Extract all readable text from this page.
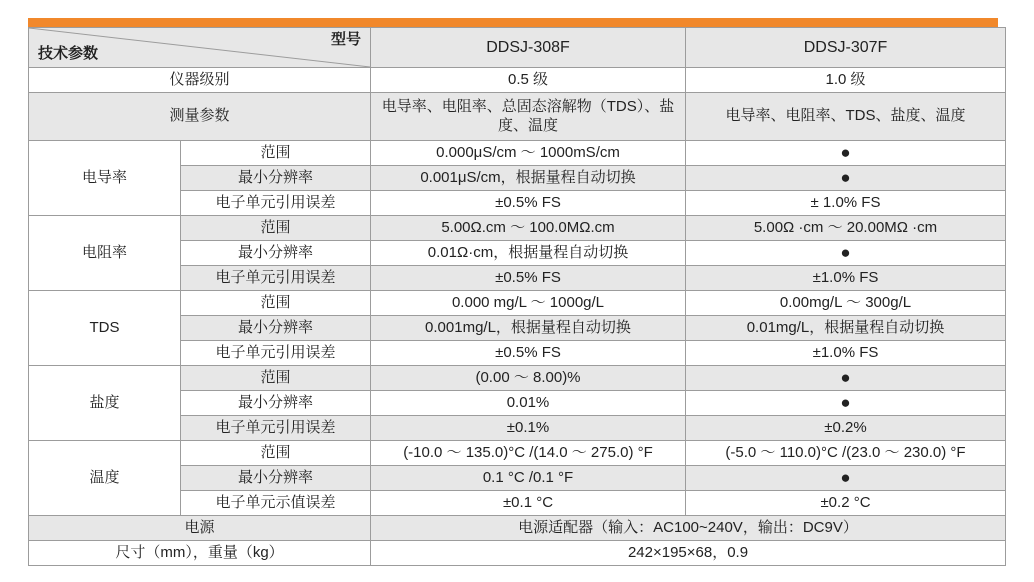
型号
技术参数		DDSJ-308F	DDSJ-307F
仪器级别		0.5 级	1.0 级
测量参数		电导率、电阻率、总固态溶解物（TDS）、盐度、温度	电导率、电阻率、TDS、盐度、温度
电导率	范围	0.000μS/cm ～ 1000mS/cm	●
	最小分辨率	0.001μS/cm，根据量程自动切换	●
	电子单元引用误差	±0.5% FS	± 1.0% FS
电阻率	范围	5.00Ω.cm ～ 100.0MΩ.cm	5.00Ω ·cm ～ 20.00MΩ ·cm
	最小分辨率	0.01Ω·cm，根据量程自动切换	●
	电子单元引用误差	±0.5% FS	±1.0% FS
TDS	范围	0.000 mg/L ～ 1000g/L	0.00mg/L ～ 300g/L
	最小分辨率	0.001mg/L，根据量程自动切换	0.01mg/L，根据量程自动切换
	电子单元引用误差	±0.5% FS	±1.0% FS
盐度	范围	(0.00 ～ 8.00)%	●
	最小分辨率	0.01%	●
	电子单元引用误差	±0.1%	±0.2%
温度	范围	(-10.0 ～ 135.0)°C /(14.0 ～ 275.0) °F	(-5.0 ～ 110.0)°C /(23.0 ～ 230.0) °F
	最小分辨率	0.1 °C /0.1 °F	●
	电子单元示值误差	±0.1 °C	±0.2 °C
电源		电源适配器（输入：AC100~240V，输出：DC9V）	
尺寸（mm），重量（kg）		242×195×68，0.9	
